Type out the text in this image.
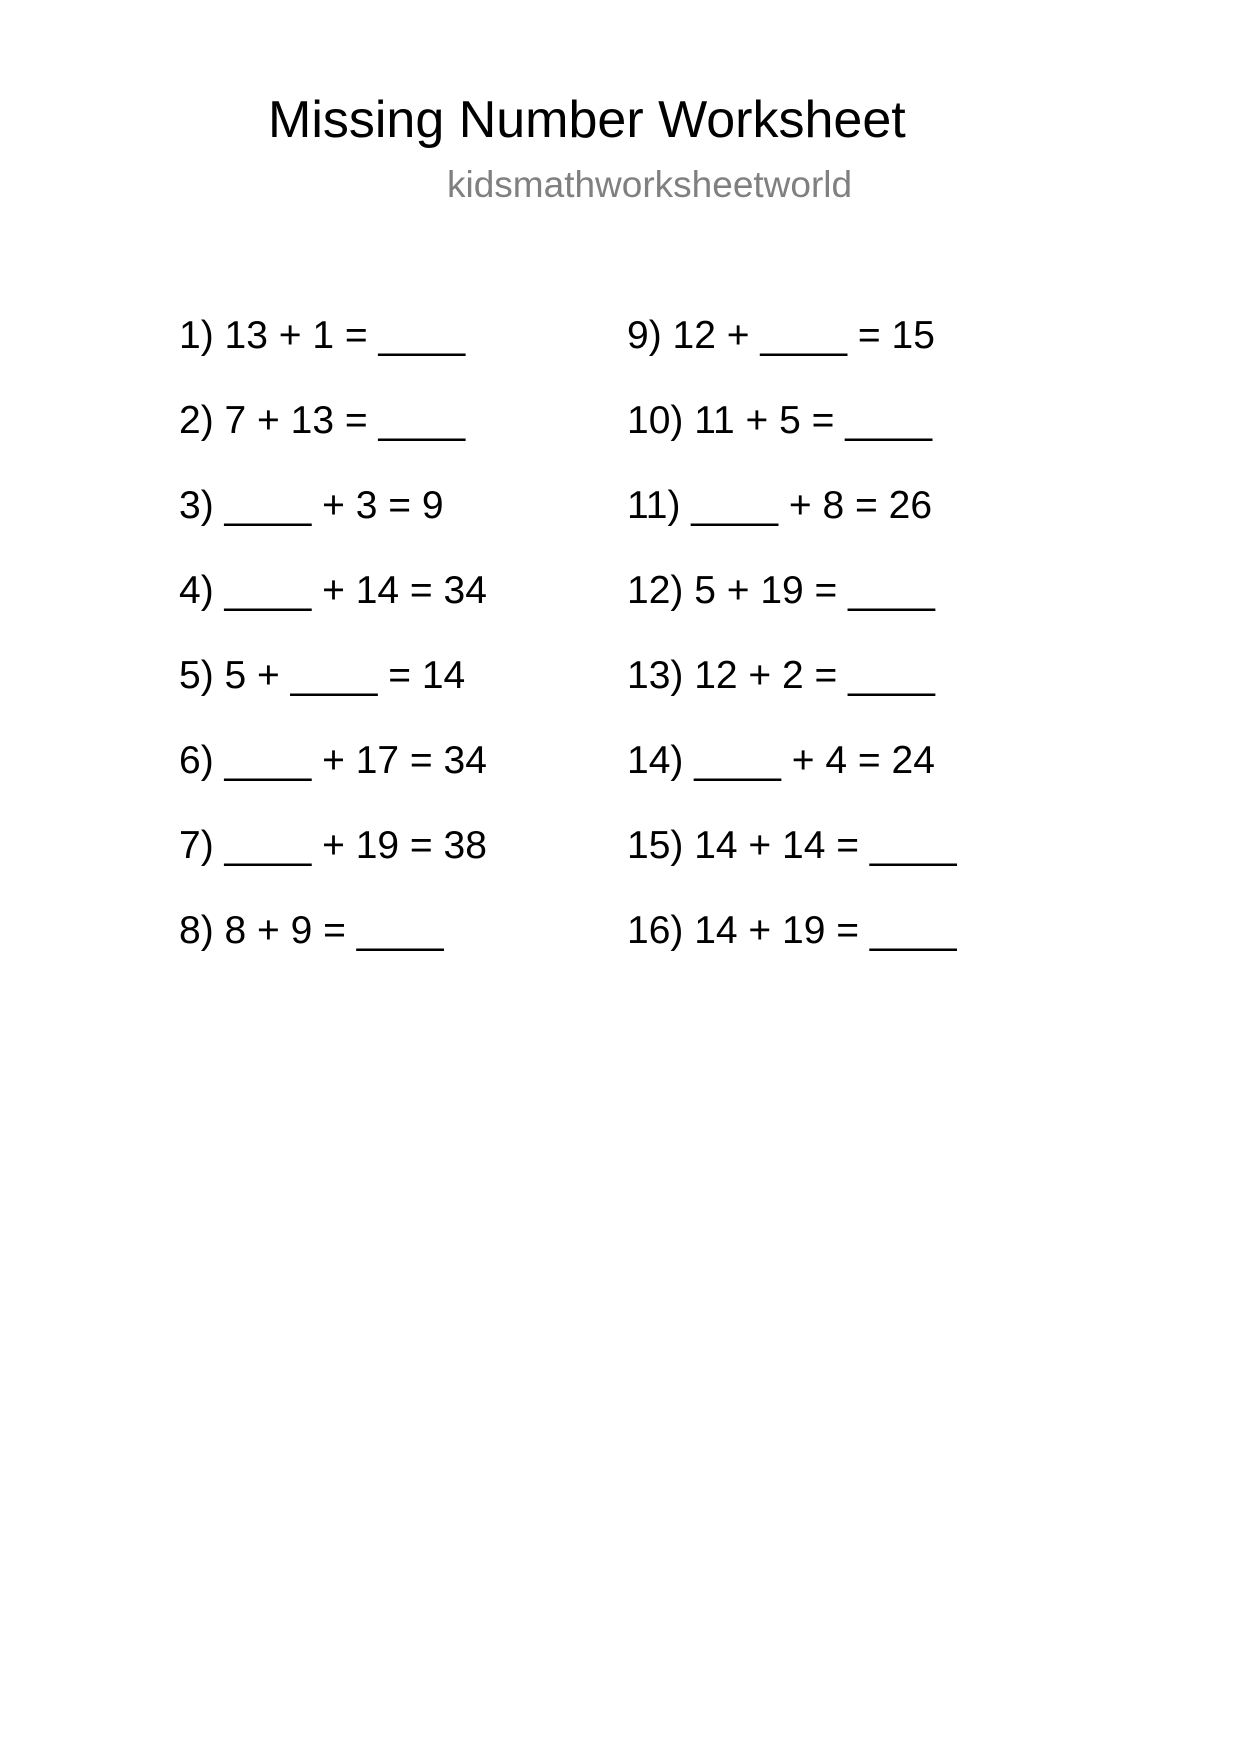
Missing Number Worksheet
kidsmathworksheetworld
1) 13 + 1 = ____
2) 7 + 13 = ____
3) ____ + 3 = 9
4) ____ + 14 = 34
5) 5 + ____ = 14
6) ____ + 17 = 34
7) ____ + 19 = 38
8) 8 + 9 = ____
9) 12 + ____ = 15
10) 11 + 5 = ____
11) ____ + 8 = 26
12) 5 + 19 = ____
13) 12 + 2 = ____
14) ____ + 4 = 24
15) 14 + 14 = ____
16) 14 + 19 = ____
